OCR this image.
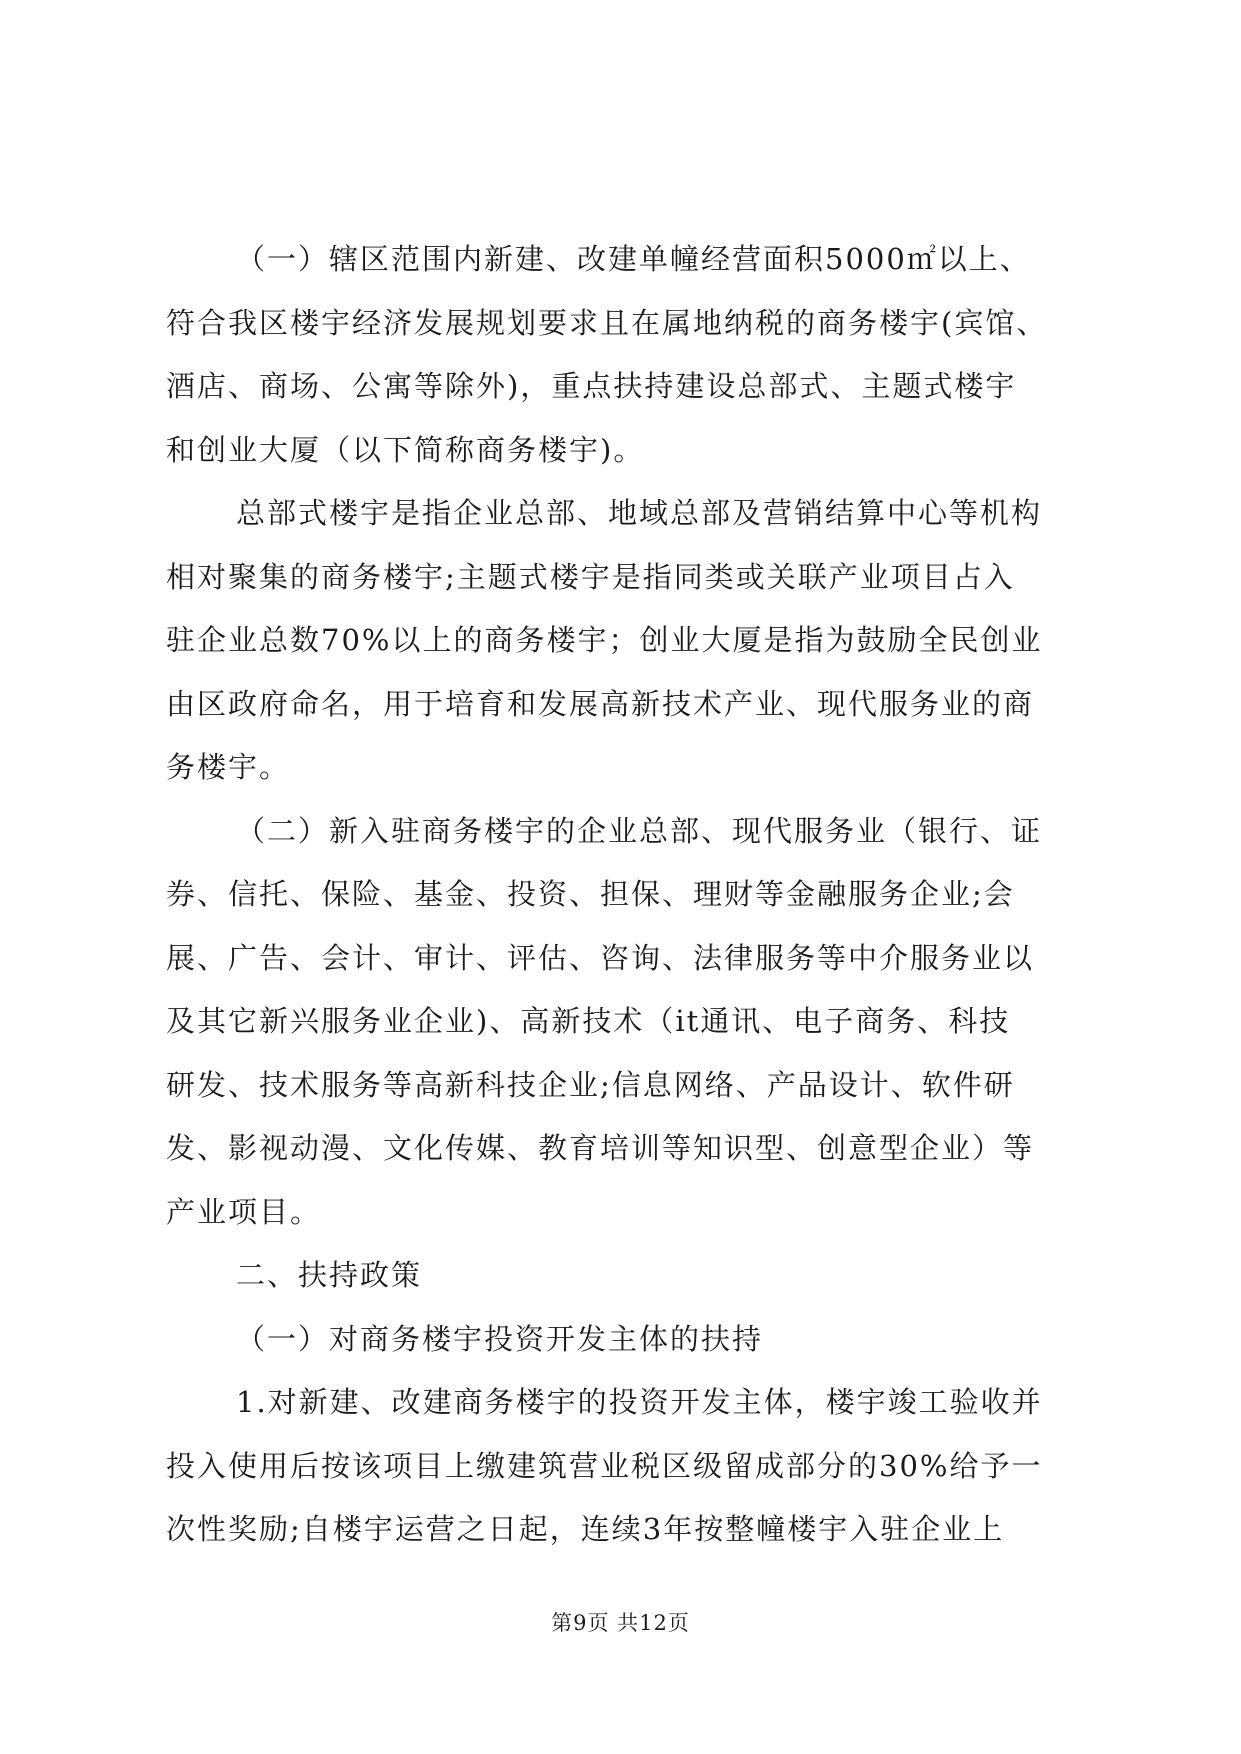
（一）辖区范围内新建、改建单幢经营面积5000㎡以上、
符合我区楼宇经济发展规划要求且在属地纳税的商务楼宇(宾馆、
酒店、商场、公寓等除外)，重点扶持建设总部式、主题式楼宇
和创业大厦（以下简称商务楼宇)。
总部式楼宇是指企业总部、地域总部及营销结算中心等机构
相对聚集的商务楼宇;主题式楼宇是指同类或关联产业项目占入
驻企业总数70%以上的商务楼宇；创业大厦是指为鼓励全民创业
由区政府命名，用于培育和发展高新技术产业、现代服务业的商
务楼宇。
（二）新入驻商务楼宇的企业总部、现代服务业（银行、证
券、信托、保险、基金、投资、担保、理财等金融服务企业;会
展、广告、会计、审计、评估、咨询、法律服务等中介服务业以
及其它新兴服务业企业)、高新技术（it通讯、电子商务、科技
研发、技术服务等高新科技企业;信息网络、产品设计、软件研
发、影视动漫、文化传媒、教育培训等知识型、创意型企业）等
产业项目。
二、扶持政策
（一）对商务楼宇投资开发主体的扶持
1.对新建、改建商务楼宇的投资开发主体，楼宇竣工验收并
投入使用后按该项目上缴建筑营业税区级留成部分的30%给予一
次性奖励;自楼宇运营之日起，连续3年按整幢楼宇入驻企业上
第9页 共12页
